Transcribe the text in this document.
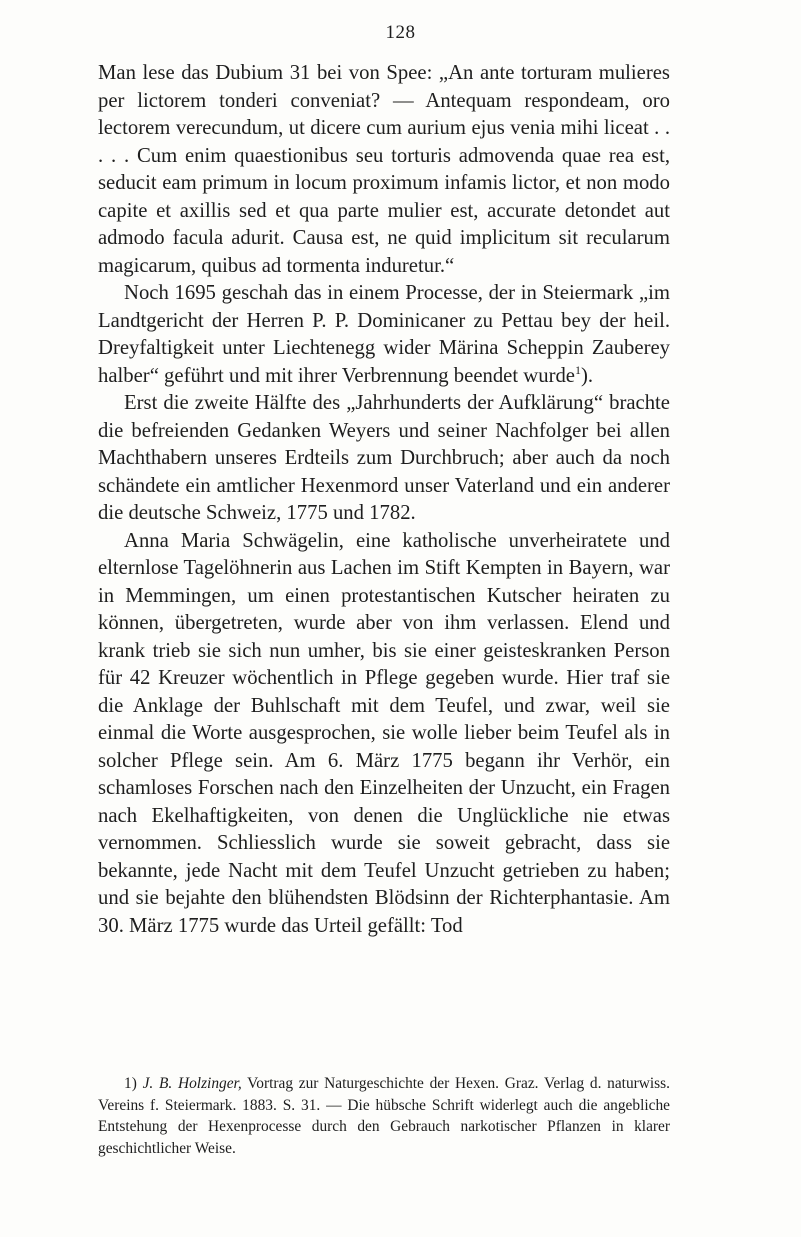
128

Man lese das Dubium 31 bei von Spee: „An ante torturam mulieres per lictorem tonderi conveniat? — Antequam respondeam, oro lectorem verecundum, ut dicere cum aurium ejus venia mihi liceat . . . . . Cum enim quaestionibus seu torturis admovenda quae rea est, seducit eam primum in locum proximum infamis lictor, et non modo capite et axillis sed et qua parte mulier est, accurate detondet aut admodo facula adurit. Causa est, ne quid implicitum sit recularum magicarum, quibus ad tormenta induretur.“

Noch 1695 geschah das in einem Processe, der in Steiermark „im Landtgericht der Herren P. P. Dominicaner zu Pettau bey der heil. Dreyfaltigkeit unter Liechtenegg wider Märina Scheppin Zauberey halber“ geführt und mit ihrer Verbrennung beendet wurde$^1$).

Erst die zweite Hälfte des „Jahrhunderts der Aufklärung“ brachte die befreienden Gedanken Weyers und seiner Nachfolger bei allen Machthabern unseres Erdteils zum Durchbruch; aber auch da noch schändete ein amtlicher Hexenmord unser Vaterland und ein anderer die deutsche Schweiz, 1775 und 1782.

Anna Maria Schwägelin, eine katholische unverheiratete und elternlose Tagelöhnerin aus Lachen im Stift Kempten in Bayern, war in Memmingen, um einen protestantischen Kutscher heiraten zu können, übergetreten, wurde aber von ihm verlassen. Elend und krank trieb sie sich nun umher, bis sie einer geisteskranken Person für 42 Kreuzer wöchentlich in Pflege gegeben wurde. Hier traf sie die Anklage der Buhlschaft mit dem Teufel, und zwar, weil sie einmal die Worte ausgesprochen, sie wolle lieber beim Teufel als in solcher Pflege sein. Am 6. März 1775 begann ihr Verhör, ein schamloses Forschen nach den Einzelheiten der Unzucht, ein Fragen nach Ekelhaftigkeiten, von denen die Unglückliche nie etwas vernommen. Schliesslich wurde sie soweit gebracht, dass sie bekannte, jede Nacht mit dem Teufel Unzucht getrieben zu haben; und sie bejahte den blühendsten Blödsinn der Richterphantasie. Am 30. März 1775 wurde das Urteil gefällt: Tod

1) J. B. Holzinger, Vortrag zur Naturgeschichte der Hexen. Graz. Verlag d. naturwiss. Vereins f. Steiermark. 1883. S. 31. — Die hübsche Schrift widerlegt auch die angebliche Entstehung der Hexenprocesse durch den Gebrauch narkotischer Pflanzen in klarer geschichtlicher Weise.
